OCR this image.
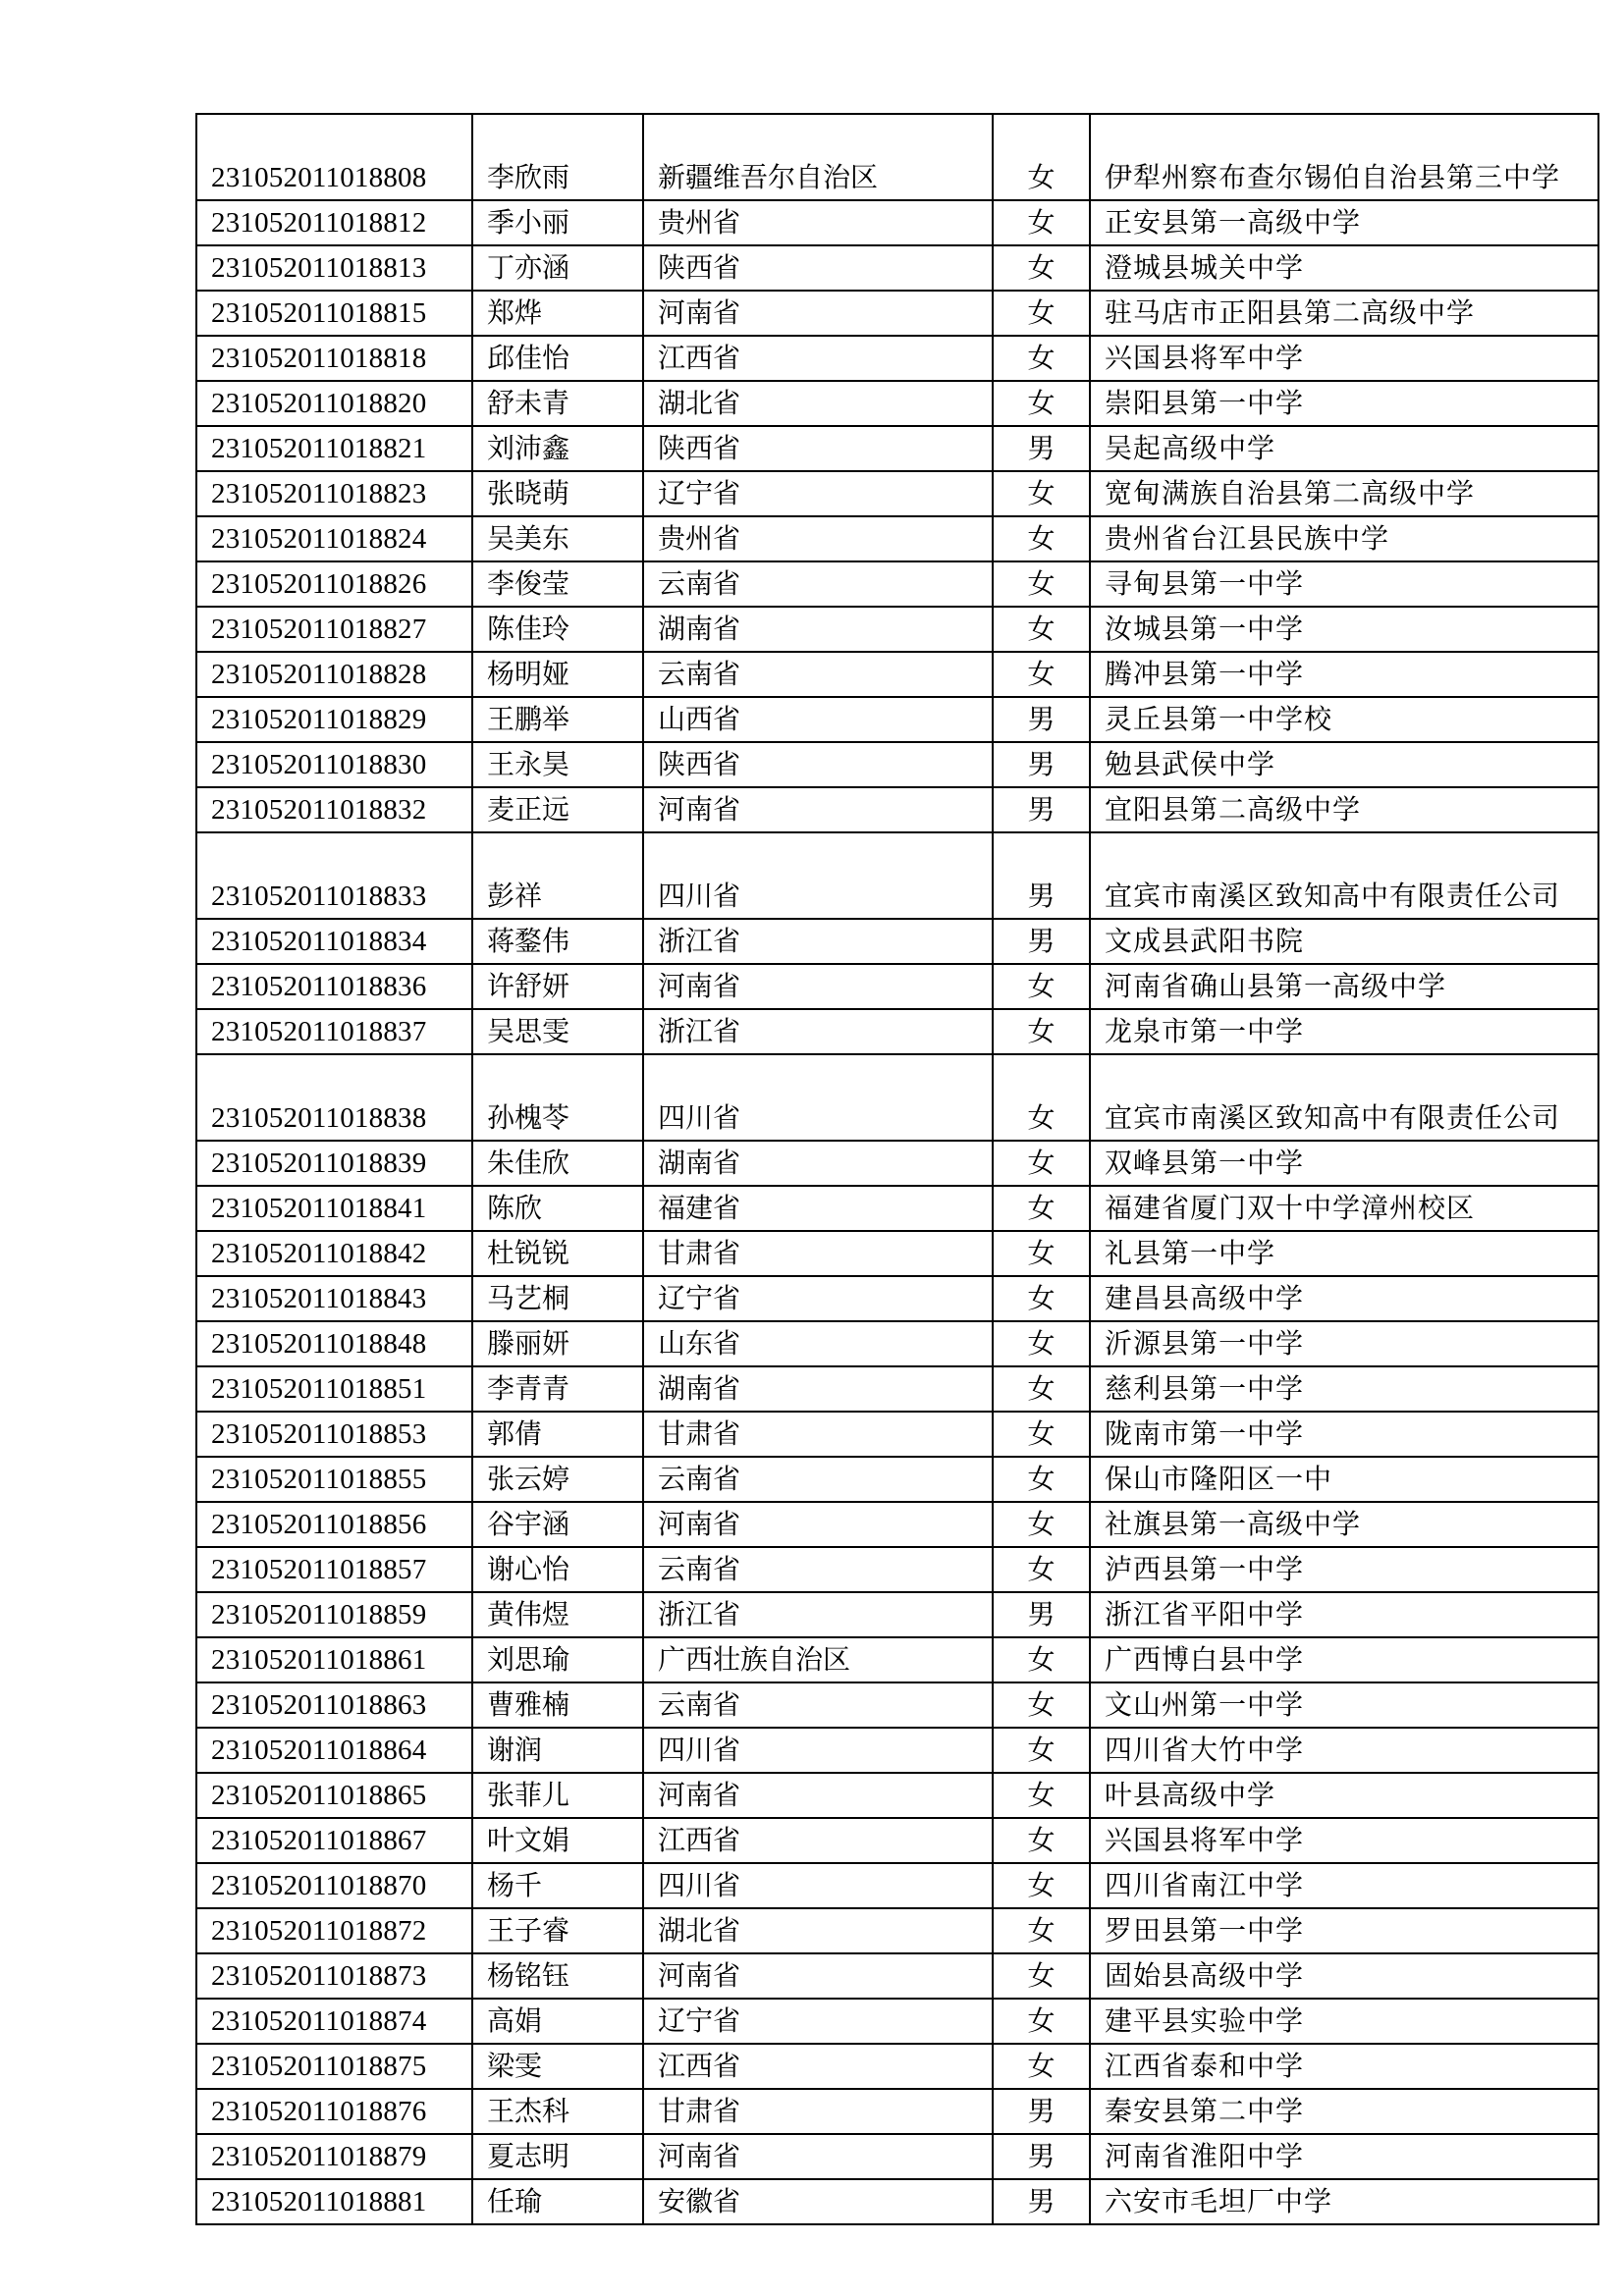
231052011018808	李欣雨	新疆维吾尔自治区	女	伊犁州察布查尔锡伯自治县第三中学
231052011018812	季小丽	贵州省	女	正安县第一高级中学
231052011018813	丁亦涵	陕西省	女	澄城县城关中学
231052011018815	郑烨	河南省	女	驻马店市正阳县第二高级中学
231052011018818	邱佳怡	江西省	女	兴国县将军中学
231052011018820	舒未青	湖北省	女	崇阳县第一中学
231052011018821	刘沛鑫	陕西省	男	吴起高级中学
231052011018823	张晓萌	辽宁省	女	宽甸满族自治县第二高级中学
231052011018824	吴美东	贵州省	女	贵州省台江县民族中学
231052011018826	李俊莹	云南省	女	寻甸县第一中学
231052011018827	陈佳玲	湖南省	女	汝城县第一中学
231052011018828	杨明娅	云南省	女	腾冲县第一中学
231052011018829	王鹏举	山西省	男	灵丘县第一中学校
231052011018830	王永昊	陕西省	男	勉县武侯中学
231052011018832	麦正远	河南省	男	宜阳县第二高级中学
231052011018833	彭祥	四川省	男	宜宾市南溪区致知高中有限责任公司
231052011018834	蒋鍪伟	浙江省	男	文成县武阳书院
231052011018836	许舒妍	河南省	女	河南省确山县第一高级中学
231052011018837	吴思雯	浙江省	女	龙泉市第一中学
231052011018838	孙槐苓	四川省	女	宜宾市南溪区致知高中有限责任公司
231052011018839	朱佳欣	湖南省	女	双峰县第一中学
231052011018841	陈欣	福建省	女	福建省厦门双十中学漳州校区
231052011018842	杜锐锐	甘肃省	女	礼县第一中学
231052011018843	马艺桐	辽宁省	女	建昌县高级中学
231052011018848	滕丽妍	山东省	女	沂源县第一中学
231052011018851	李青青	湖南省	女	慈利县第一中学
231052011018853	郭倩	甘肃省	女	陇南市第一中学
231052011018855	张云婷	云南省	女	保山市隆阳区一中
231052011018856	谷宇涵	河南省	女	社旗县第一高级中学
231052011018857	谢心怡	云南省	女	泸西县第一中学
231052011018859	黄伟煜	浙江省	男	浙江省平阳中学
231052011018861	刘思瑜	广西壮族自治区	女	广西博白县中学
231052011018863	曹雅楠	云南省	女	文山州第一中学
231052011018864	谢润	四川省	女	四川省大竹中学
231052011018865	张菲儿	河南省	女	叶县高级中学
231052011018867	叶文娟	江西省	女	兴国县将军中学
231052011018870	杨千	四川省	女	四川省南江中学
231052011018872	王子睿	湖北省	女	罗田县第一中学
231052011018873	杨铭钰	河南省	女	固始县高级中学
231052011018874	高娟	辽宁省	女	建平县实验中学
231052011018875	梁雯	江西省	女	江西省泰和中学
231052011018876	王杰科	甘肃省	男	秦安县第二中学
231052011018879	夏志明	河南省	男	河南省淮阳中学
231052011018881	任瑜	安徽省	男	六安市毛坦厂中学
